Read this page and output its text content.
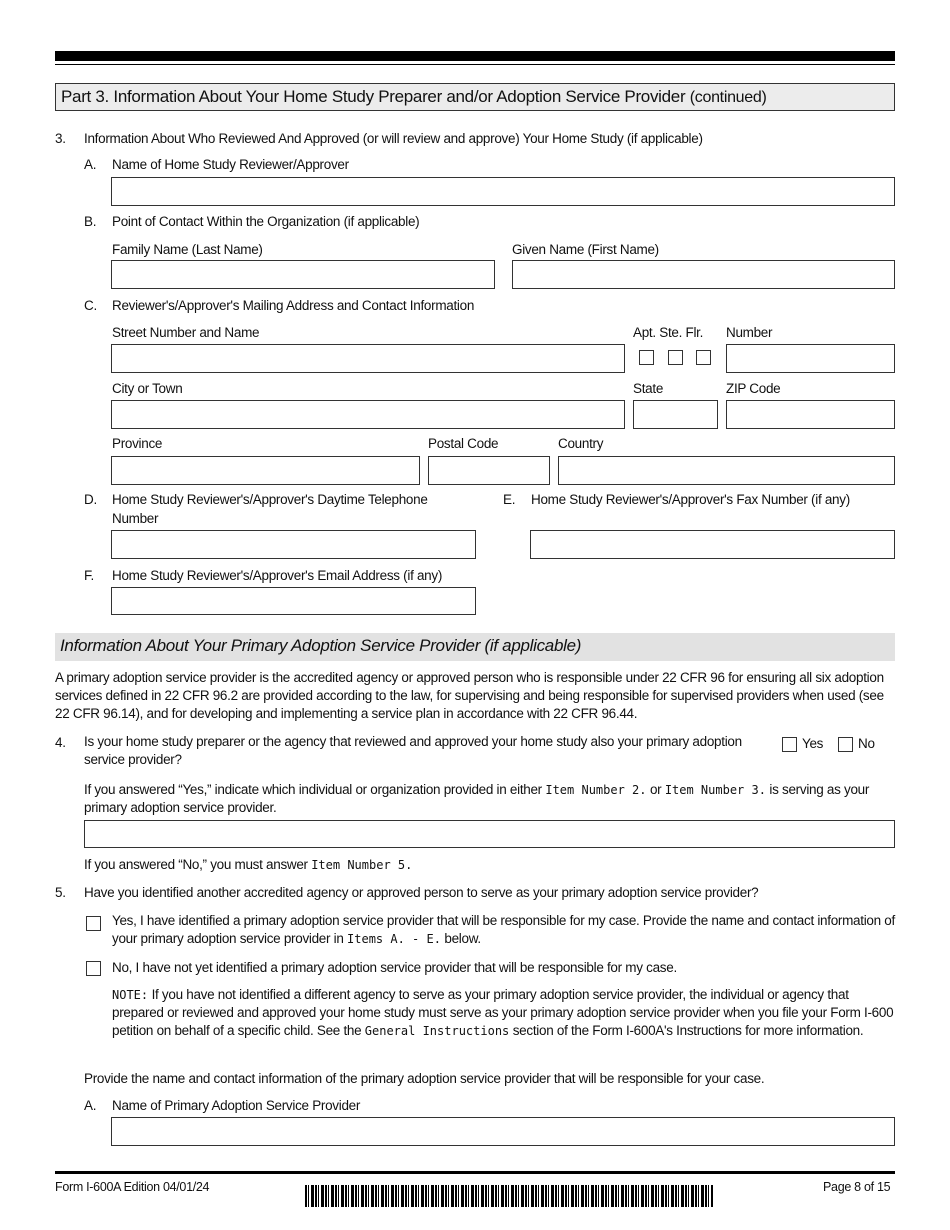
Part 3. Information About Your Home Study Preparer and/or Adoption Service Provider (continued)
3. Information About Who Reviewed And Approved (or will review and approve) Your Home Study (if applicable)
A. Name of Home Study Reviewer/Approver
B. Point of Contact Within the Organization (if applicable)
Family Name (Last Name)	Given Name (First Name)
C. Reviewer's/Approver's Mailing Address and Contact Information
Street Number and Name	Apt. Ste. Flr. Number
City or Town	State	ZIP Code
Province	Postal Code	Country
D. Home Study Reviewer's/Approver's Daytime Telephone Number
E. Home Study Reviewer's/Approver's Fax Number (if any)
F. Home Study Reviewer's/Approver's Email Address (if any)
Information About Your Primary Adoption Service Provider (if applicable)
A primary adoption service provider is the accredited agency or approved person who is responsible under 22 CFR 96 for ensuring all six adoption services defined in 22 CFR 96.2 are provided according to the law, for supervising and being responsible for supervised providers when used (see 22 CFR 96.14), and for developing and implementing a service plan in accordance with 22 CFR 96.44.
4. Is your home study preparer or the agency that reviewed and approved your home study also your primary adoption service provider?
Yes	No
If you answered “Yes,” indicate which individual or organization provided in either Item Number 2. or Item Number 3. is serving as your primary adoption service provider.
If you answered “No,” you must answer Item Number 5.
5. Have you identified another accredited agency or approved person to serve as your primary adoption service provider?
Yes, I have identified a primary adoption service provider that will be responsible for my case. Provide the name and contact information of your primary adoption service provider in Items A. - E. below.
No, I have not yet identified a primary adoption service provider that will be responsible for my case.
NOTE: If you have not identified a different agency to serve as your primary adoption service provider, the individual or agency that prepared or reviewed and approved your home study must serve as your primary adoption service provider when you file your Form I-600 petition on behalf of a specific child. See the General Instructions section of the Form I-600A's Instructions for more information.
Provide the name and contact information of the primary adoption service provider that will be responsible for your case.
A. Name of Primary Adoption Service Provider
Form I-600A Edition 04/01/24	Page 8 of 15
